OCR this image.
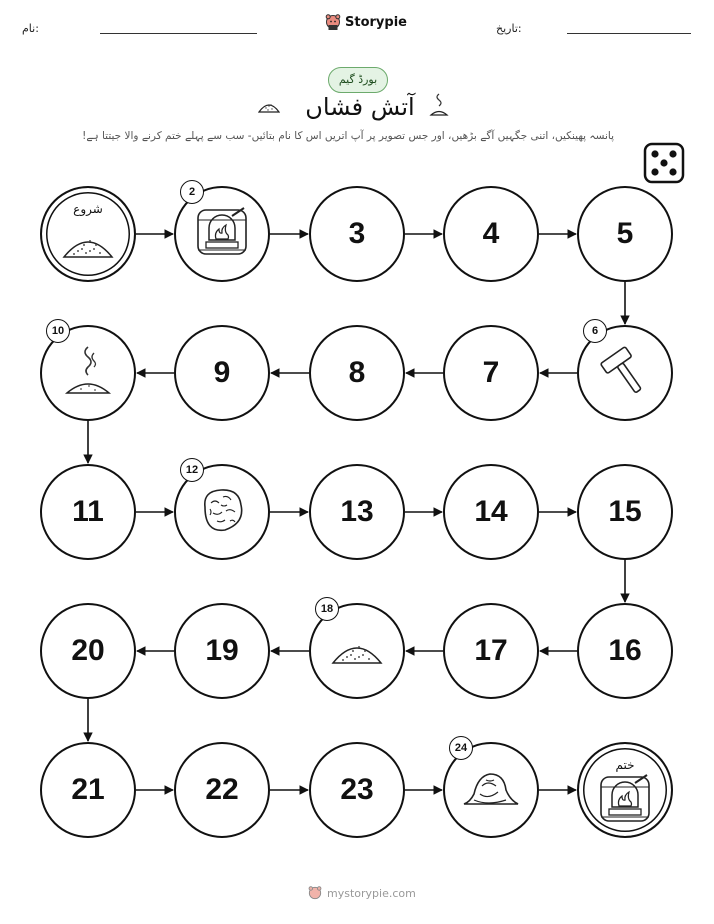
نام:	Storypie	تاریخ:
بورڈ گیم
آتش فشاں
پانسہ پھینکیں، اتنی جگہیں آگے بڑھیں، اور جس تصویر پر آپ اتریں اس کا نام بتائیں- سب سے پہلے ختم کرنے والا جیتتا ہے!
شروع
2
3	4	5
6
7
8
9
10
11
12
13	14	15
16
17
18
19
20
21	22	23
24
ختم
mystorypie.com
